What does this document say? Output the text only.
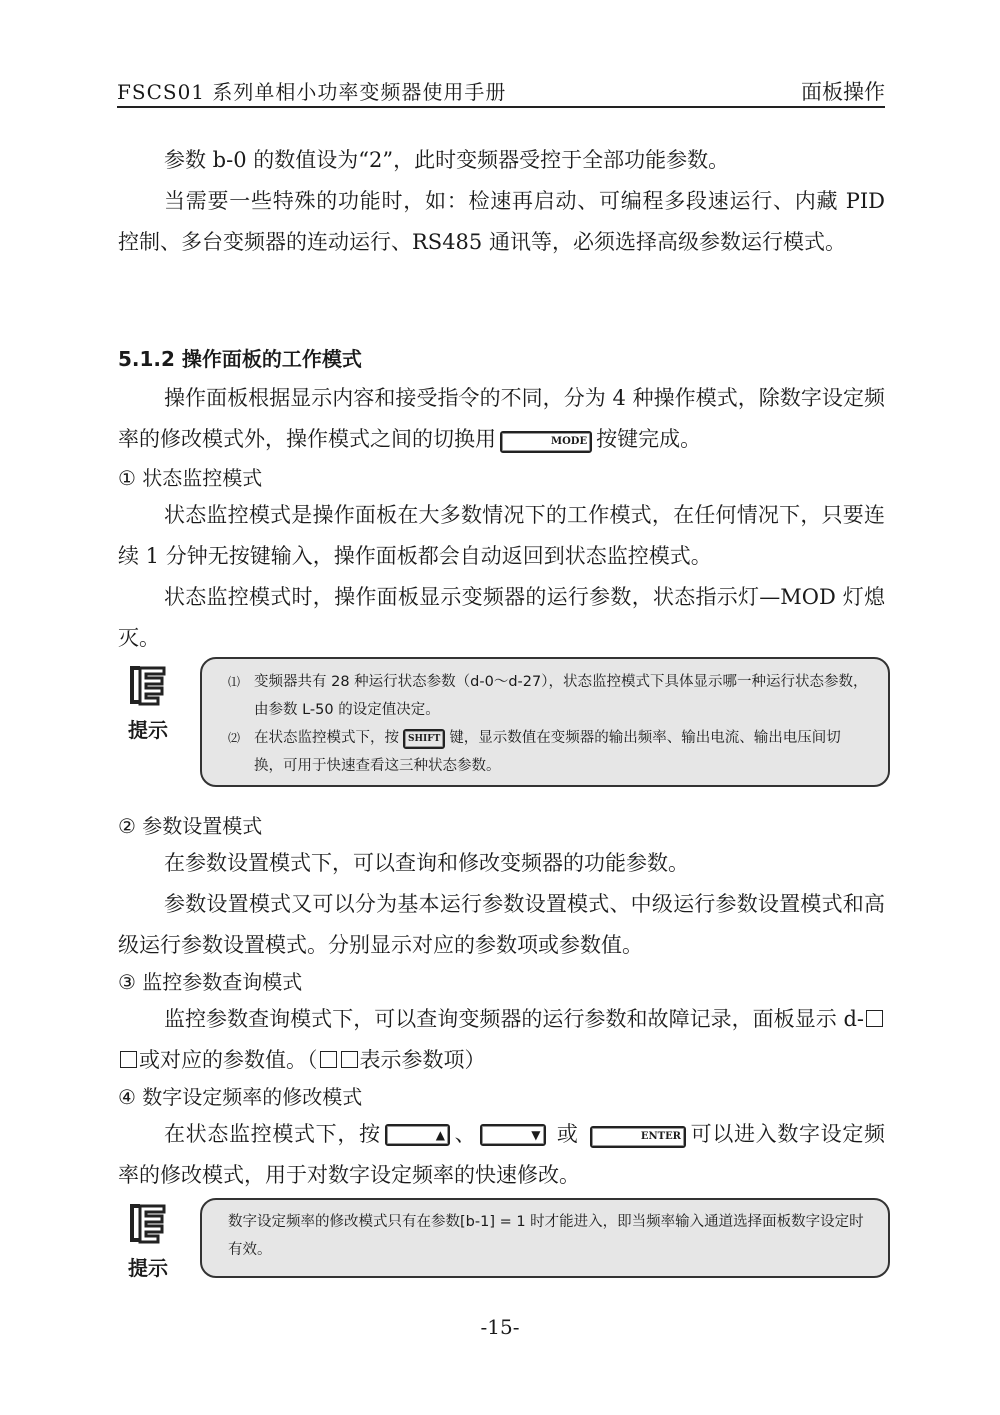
FSCS01 系列单相小功率变频器使用手册	面板操作

参数 b-0 的数值设为“2”，此时变频器受控于全部功能参数。

当需要一些特殊的功能时，如：检速再启动、可编程多段速运行、内藏 PID 控制、多台变频器的连动运行、RS485 通讯等，必须选择高级参数运行模式。

5.1.2 操作面板的工作模式

操作面板根据显示内容和接受指令的不同，分为 4 种操作模式，除数字设定频率的修改模式外，操作模式之间的切换用	MODE 按键完成。

① 状态监控模式

状态监控模式是操作面板在大多数情况下的工作模式，在任何情况下，只要连续 1 分钟无按键输入，操作面板都会自动返回到状态监控模式。

状态监控模式时，操作面板显示变频器的运行参数，状态指示灯—MOD 灯熄灭。

提示
⑴ 变频器共有 28 种运行状态参数（d-0～d-27），状态监控模式下具体显示哪一种运行状态参数，由参数 L-50 的设定值决定。
⑵ 在状态监控模式下，按 SHIFT 键，显示数值在变频器的输出频率、输出电流、输出电压间切换，可用于快速查看这三种状态参数。
② 参数设置模式

在参数设置模式下，可以查询和修改变频器的功能参数。

参数设置模式又可以分为基本运行参数设置模式、中级运行参数设置模式和高级运行参数设置模式。分别显示对应的参数项或参数值。

③ 监控参数查询模式

监控参数查询模式下，可以查询变频器的运行参数和故障记录，面板显示 d-或对应的参数值。（ 表示参数项）

④ 数字设定频率的修改模式

在状态监控模式下，按	▲ 、	▼ 或	ENTER 可以进入数字设定频率的修改模式，用于对数字设定频率的快速修改。

提示
数字设定频率的修改模式只有在参数[b-1] = 1 时才能进入，即当频率输入通道选择面板数字设定时有效。
-15-
